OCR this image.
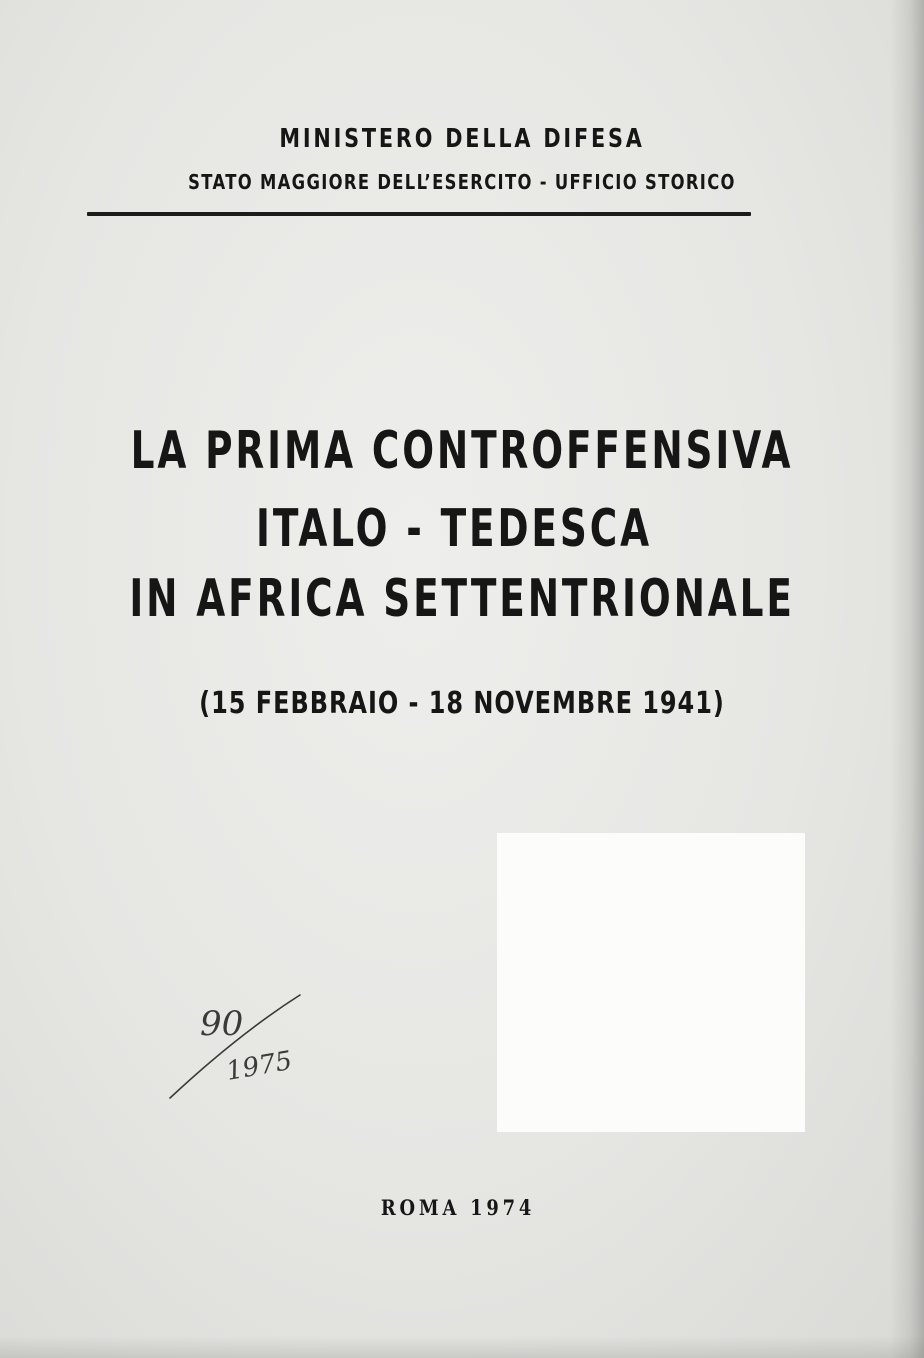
MINISTERO DELLA DIFESA
STATO MAGGIORE DELL’ESERCITO - UFFICIO STORICO
LA PRIMA CONTROFFENSIVA
ITALO - TEDESCA
IN AFRICA SETTENTRIONALE
(15 FEBBRAIO - 18 NOVEMBRE 1941)
90
1975
ROMA 1974
